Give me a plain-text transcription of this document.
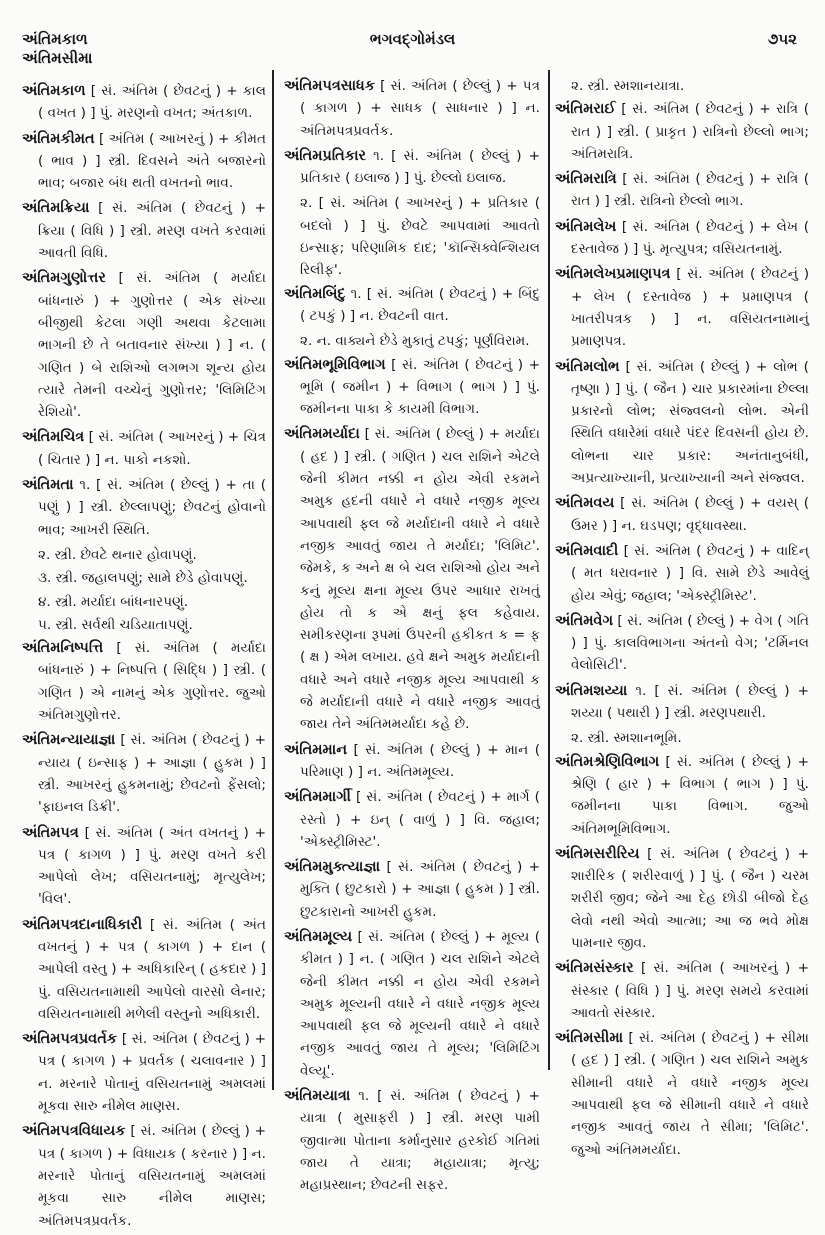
અંતિમકાળ
અંતિમસીમા
ભગવદ્ગોમંડલ	૭૫૨
અંતિમકાળ [ સં. અંતિમ ( છેવટનું ) + કાલ ( વખત ) ] પું. મરણનો વખત; અંતકાળ.
અંતિમકીમત [ અંતિમ ( આખરનું ) + કીમત ( ભાવ ) ] સ્ત્રી. દિવસને અંતે બજારનો ભાવ; બજાર બંધ થતી વખતનો ભાવ.
અંતિમક્રિયા [ સં. અંતિમ ( છેવટનું ) + ક્રિયા ( વિધિ ) ] સ્ત્રી. મરણ વખતે કરવામાં આવતી વિધિ.
અંતિમગુણોત્તર [ સં. અંતિમ ( મર્યાદા બાંધનારું ) + ગુણોત્તર ( એક સંખ્યા બીજીથી કેટલા ગણી અથવા કેટલામા ભાગની છે તે બતાવનાર સંખ્યા ) ] ન. ( ગણિત ) બે રાશિઓ લગભગ શૂન્ય હોય ત્યારે તેમની વચ્ચેનું ગુણોત્તર; 'લિમિટિંગ રેશિયો'.
અંતિમચિત્ર [ સં. અંતિમ ( આખરનું ) + ચિત્ર ( ચિતાર ) ] ન. પાકો નકશો.
અંતિમતા ૧. [ સં. અંતિમ ( છેલ્લું ) + તા ( પણું ) ] સ્ત્રી. છેલ્લાપણું; છેવટનું હોવાનો ભાવ; આખરી સ્થિતિ.
૨. સ્ત્રી. છેવટે થનાર હોવાપણું.
૩. સ્ત્રી. જહાલપણું; સામે છેડે હોવાપણું.
૪. સ્ત્રી. મર્યાદા બાંધનારપણું.
૫. સ્ત્રી. સર્વથી ચડિયાતાપણું.
અંતિમનિષ્પત્તિ [ સં. અંતિમ ( મર્યાદા બાંધનારું ) + નિષ્પત્તિ ( સિદ્ધિ ) ] સ્ત્રી. ( ગણિત ) એ નામનું એક ગુણોત્તર. જુઓ અંતિમગુણોત્તર.
અંતિમન્યાયાજ્ઞા [ સં. અંતિમ ( છેવટનું ) + ન્યાય ( ઇન્સાફ ) + આજ્ઞા ( હુકમ ) ] સ્ત્રી. આખરનું હુકમનામું; છેવટનો ફેંસલો; 'ફાઇનલ ડિક્રી'.
અંતિમપત્ર [ સં. અંતિમ ( અંત વખતનું ) + પત્ર ( કાગળ ) ] પું. મરણ વખતે કરી આપેલો લેખ; વસિયતનામું; મૃત્યુલેખ; 'વિલ'.
અંતિમપત્રદાનાધિકારી [ સં. અંતિમ ( અંત વખતનું ) + પત્ર ( કાગળ ) + દાન ( આપેલી વસ્તુ ) + અધિકારિન્ ( હકદાર ) ] પું. વસિયતનામાથી આપેલો વારસો લેનાર; વસિયતનામાથી મળેલી વસ્તુનો અધિકારી.
અંતિમપત્રપ્રવર્તક [ સં. અંતિમ ( છેવટનું ) + પત્ર ( કાગળ ) + પ્રવર્તક ( ચલાવનાર ) ] ન. મરનારે પોતાનું વસિયતનામું અમલમાં મૂકવા સારુ નીમેલ માણસ.
અંતિમપત્રવિધાયક [ સં. અંતિમ ( છેલ્લું ) + પત્ર ( કાગળ ) + વિધાયક ( કરનાર ) ] ન. મરનારે પોતાનું વસિયતનામું અમલમાં મૂકવા સારુ નીમેલ માણસ; અંતિમપત્રપ્રવર્તક.
અંતિમપત્રસાધક [ સં. અંતિમ ( છેલ્લું ) + પત્ર ( કાગળ ) + સાધક ( સાધનાર ) ] ન. અંતિમપત્રપ્રવર્તક.
અંતિમપ્રતિકાર ૧. [ સં. અંતિમ ( છેલ્લું ) + પ્રતિકાર ( ઇલાજ ) ] પું. છેલ્લો ઇલાજ.
૨. [ સં. અંતિમ ( આખરનું ) + પ્રતિકાર ( બદલો ) ] પું. છેવટે આપવામાં આવતો ઇન્સાફ; પરિણામિક દાદ; 'કૉન્સિક્વેન્શિયલ રિલીફ'.
અંતિમબિંદુ ૧. [ સં. અંતિમ ( છેવટનું ) + બિંદુ ( ટપકું ) ] ન. છેવટની વાત.
૨. ન. વાક્યને છેડે મુકાતું ટપકું; પૂર્ણવિરામ.
અંતિમભૂમિવિભાગ [ સં. અંતિમ ( છેવટનું ) + ભૂમિ ( જમીન ) + વિભાગ ( ભાગ ) ] પું. જમીનના પાકા કે કાયમી વિભાગ.
અંતિમમર્યાદા [ સં. અંતિમ ( છેલ્લું ) + મર્યાદા ( હદ ) ] સ્ત્રી. ( ગણિત ) ચલ રાશિને એટલે જેની કીમત નક્કી ન હોય એવી રકમને અમુક હદની વધારે ને વધારે નજીક મૂલ્ય આપવાથી ફલ જે મર્યાદાની વધારે ને વધારે નજીક આવતું જાય તે મર્યાદા; 'લિમિટ'. જેમકે, ક અને ક્ષ બે ચલ રાશિઓ હોય અને કનું મૂલ્ય ક્ષના મૂલ્ય ઉપર આધાર રાખતું હોય તો ક એ ક્ષનું ફલ કહેવાય. સમીકરણના રૂપમાં ઉપરની હકીકત ક = ફ ( ક્ષ ) એમ લખાય. હવે ક્ષને અમુક મર્યાદાની વધારે અને વધારે નજીક મૂલ્ય આપવાથી ક જે મર્યાદાની વધારે ને વધારે નજીક આવતું જાય તેને અંતિમમર્યાદા કહે છે.
અંતિમમાન [ સં. અંતિમ ( છેલ્લું ) + માન ( પરિમાણ ) ] ન. અંતિમમૂલ્ય.
અંતિમમાર્ગી [ સં. અંતિમ ( છેવટનું ) + માર્ગ ( રસ્તો ) + ઇન્ ( વાળું ) ] વિ. જહાલ; 'એક્સ્ટ્રીમિસ્ટ'.
અંતિમમુક્ત્યાજ્ઞા [ સં. અંતિમ ( છેવટનું ) + મુક્તિ ( છુટકારો ) + આજ્ઞા ( હુકમ ) ] સ્ત્રી. છુટકારાનો આખરી હુકમ.
અંતિમમૂલ્ય [ સં. અંતિમ ( છેલ્લું ) + મૂલ્ય ( કીમત ) ] ન. ( ગણિત ) ચલ રાશિને એટલે જેની કીમત નક્કી ન હોય એવી રકમને અમુક મૂલ્યની વધારે ને વધારે નજીક મૂલ્ય આપવાથી ફલ જે મૂલ્યની વધારે ને વધારે નજીક આવતું જાય તે મૂલ્ય; 'લિમિટિંગ વેલ્યૂ'.
અંતિમયાત્રા ૧. [ સં. અંતિમ ( છેવટનું ) + યાત્રા ( મુસાફરી ) ] સ્ત્રી. મરણ પામી જીવાત્મા પોતાના કર્માનુસાર હરકોઈ ગતિમાં જાય તે યાત્રા; મહાયાત્રા; મૃત્યુ; મહાપ્રસ્થાન; છેવટની સફર.
૨. સ્ત્રી. સ્મશાનયાત્રા.
અંતિમરાઈ [ સં. અંતિમ ( છેવટનું ) + રાત્રિ ( રાત ) ] સ્ત્રી. ( પ્રાકૃત ) રાત્રિનો છેલ્લો ભાગ; અંતિમરાત્રિ.
અંતિમરાત્રિ [ સં. અંતિમ ( છેવટનું ) + રાત્રિ ( રાત ) ] સ્ત્રી. રાત્રિનો છેલ્લો ભાગ.
અંતિમલેખ [ સં. અંતિમ ( છેવટનું ) + લેખ ( દસ્તાવેજ ) ] પું. મૃત્યુપત્ર; વસિયતનામું.
અંતિમલેખપ્રમાણપત્ર [ સં. અંતિમ ( છેવટનું ) + લેખ ( દસ્તાવેજ ) + પ્રમાણપત્ર ( ખાતરીપત્રક ) ] ન. વસિયતનામાનું પ્રમાણપત્ર.
અંતિમલોભ [ સં. અંતિમ ( છેલ્લું ) + લોભ ( તૃષ્ણા ) ] પું. ( જૈન ) ચાર પ્રકારમાંના છેલ્લા પ્રકારનો લોભ; સંજ્વલનો લોભ. એની સ્થિતિ વધારેમાં વધારે પંદર દિવસની હોય છે. લોભના ચાર પ્રકાર: અનંતાનુબંધી, અપ્રત્યાખ્યાની, પ્રત્યાખ્યાની અને સંજ્વલ.
અંતિમવય [ સં. અંતિમ ( છેલ્લું ) + વયસ્ ( ઉમર ) ] ન. ઘડપણ; વૃદ્ધાવસ્થા.
અંતિમવાદી [ સં. અંતિમ ( છેવટનું ) + વાદિન્ ( મત ધરાવનાર ) ] વિ. સામે છેડે આવેલું હોય એવું; જહાલ; 'એક્સ્ટ્રીમિસ્ટ'.
અંતિમવેગ [ સં. અંતિમ ( છેલ્લું ) + વેગ ( ગતિ ) ] પું. કાલવિભાગના અંતનો વેગ; 'ટર્મિનલ વેલોસિટી'.
અંતિમશય્યા ૧. [ સં. અંતિમ ( છેલ્લું ) + શય્યા ( પથારી ) ] સ્ત્રી. મરણપથારી.
૨. સ્ત્રી. સ્મશાનભૂમિ.
અંતિમશ્રેણિવિભાગ [ સં. અંતિમ ( છેલ્લું ) + શ્રેણિ ( હાર ) + વિભાગ ( ભાગ ) ] પું. જમીનના પાકા વિભાગ. જુઓ અંતિમભૂમિવિભાગ.
અંતિમસરીરિય [ સં. અંતિમ ( છેવટનું ) + શારીરિક ( શરીરવાળું ) ] પું. ( જૈન ) ચરમ શરીરી જીવ; જેને આ દેહ છોડી બીજો દેહ લેવો નથી એવો આત્મા; આ જ ભવે મોક્ષ પામનાર જીવ.
અંતિમસંસ્કાર [ સં. અંતિમ ( આખરનું ) + સંસ્કાર ( વિધિ ) ] પું. મરણ સમયે કરવામાં આવતો સંસ્કાર.
અંતિમસીમા [ સં. અંતિમ ( છેવટનું ) + સીમા ( હદ ) ] સ્ત્રી. ( ગણિત ) ચલ રાશિને અમુક સીમાની વધારે ને વધારે નજીક મૂલ્ય આપવાથી ફલ જે સીમાની વધારે ને વધારે નજીક આવતું જાય તે સીમા; 'લિમિટ'. જુઓ અંતિમમર્યાદા.
